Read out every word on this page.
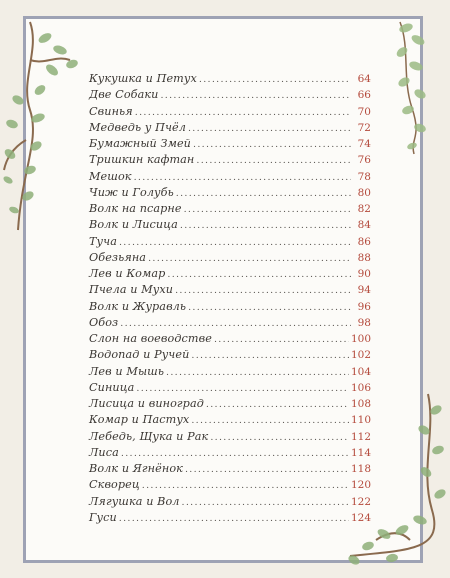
Кукушка и Петух .....	64
Две Собаки .....	66
Свинья .....	70
Медведь у Пчёл .....	72
Бумажный Змей .....	74
Тришкин кафтан .....	76
Мешок .....	78
Чиж и Голубь .....	80
Волк на псарне .....	82
Волк и Лисица .....	84
Туча .....	86
Обезьяна .....	88
Лев и Комар .....	90
Пчела и Мухи .....	94
Волк и Журавль .....	96
Обоз .....	98
Слон на воеводстве .....	100
Водопад и Ручей .....	102
Лев и Мышь .....	104
Синица .....	106
Лисица и виноград .....	108
Комар и Пастух .....	110
Лебедь, Щука и Рак .....	112
Лиса .....	114
Волк и Ягнёнок .....	118
Скворец .....	120
Лягушка и Вол .....	122
Гуси .....	124
